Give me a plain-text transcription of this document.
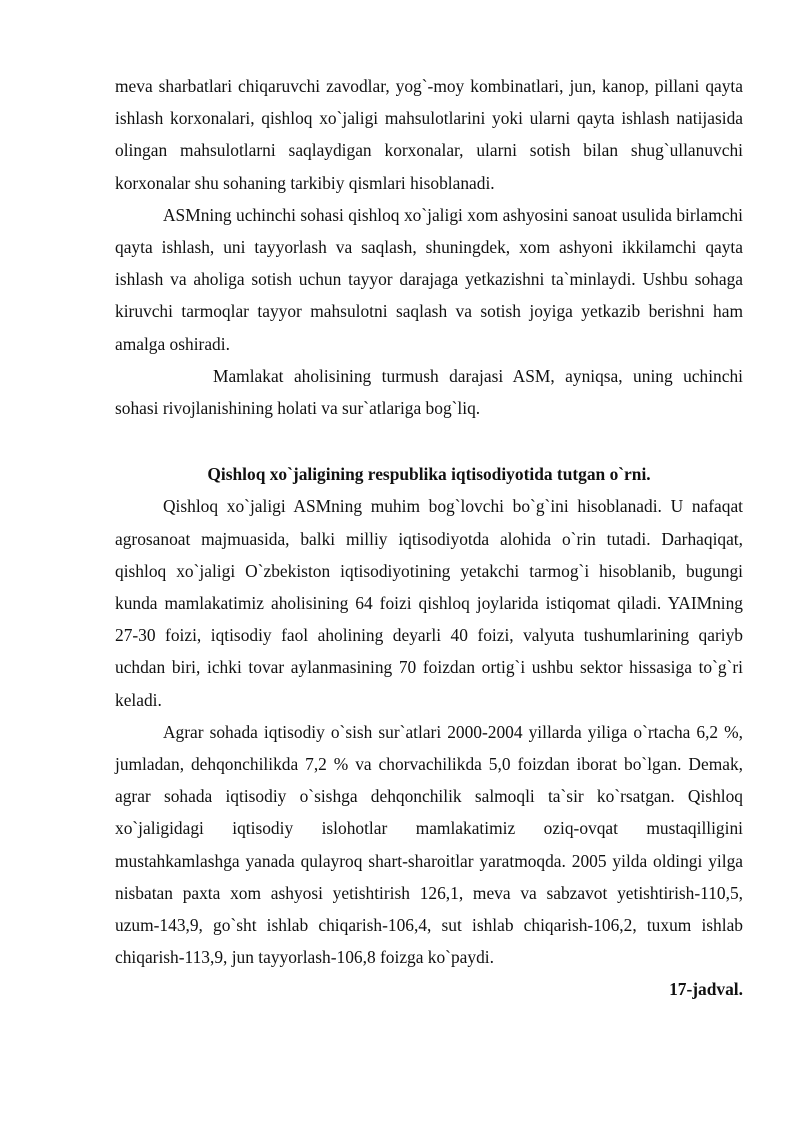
meva sharbatlari chiqaruvchi zavodlar, yog`-moy kombinatlari, jun, kanop, pillani qayta ishlash korxonalari, qishloq xo`jaligi mahsulotlarini yoki ularni qayta ishlash natijasida olingan mahsulotlarni saqlaydigan korxonalar, ularni sotish bilan shug`ullanuvchi korxonalar shu sohaning tarkibiy qismlari hisoblanadi.

ASMning uchinchi sohasi qishloq xo`jaligi xom ashyosini sanoat usulida birlamchi qayta ishlash, uni tayyorlash va saqlash, shuningdek, xom ashyoni ikkilamchi qayta ishlash va aholiga sotish uchun tayyor darajaga yetkazishni ta`minlaydi. Ushbu sohaga kiruvchi tarmoqlar tayyor mahsulotni saqlash va sotish joyiga yetkazib berishni ham amalga oshiradi.

Mamlakat aholisining turmush darajasi ASM, ayniqsa, uning uchinchi sohasi rivojlanishining holati va sur`atlariga bog`liq.

Qishloq xo`jaligining respublika iqtisodiyotida tutgan o`rni.

Qishloq xo`jaligi ASMning muhim bog`lovchi bo`g`ini hisoblanadi. U nafaqat agrosanoat majmuasida, balki milliy iqtisodiyotda alohida o`rin tutadi. Darhaqiqat, qishloq xo`jaligi O`zbekiston iqtisodiyotining yetakchi tarmog`i hisoblanib, bugungi kunda mamlakatimiz aholisining 64 foizi qishloq joylarida istiqomat qiladi. YAIMning 27-30 foizi, iqtisodiy faol aholining deyarli 40 foizi, valyuta tushumlarining qariyb uchdan biri, ichki tovar aylanmasining 70 foizdan ortig`i ushbu sektor hissasiga to`g`ri keladi.

Agrar sohada iqtisodiy o`sish sur`atlari 2000-2004 yillarda yiliga o`rtacha 6,2 %, jumladan, dehqonchilikda 7,2 % va chorvachilikda 5,0 foizdan iborat bo`lgan. Demak, agrar sohada iqtisodiy o`sishga dehqonchilik salmoqli ta`sir ko`rsatgan. Qishloq xo`jaligidagi iqtisodiy islohotlar mamlakatimiz oziq-ovqat mustaqilligini mustahkamlashga yanada qulayroq shart-sharoitlar yaratmoqda. 2005 yilda oldingi yilga nisbatan paxta xom ashyosi yetishtirish 126,1, meva va sabzavot yetishtirish-110,5, uzum-143,9, go`sht ishlab chiqarish-106,4, sut ishlab chiqarish-106,2, tuxum ishlab chiqarish-113,9, jun tayyorlash-106,8 foizga ko`paydi.

17-jadval.
